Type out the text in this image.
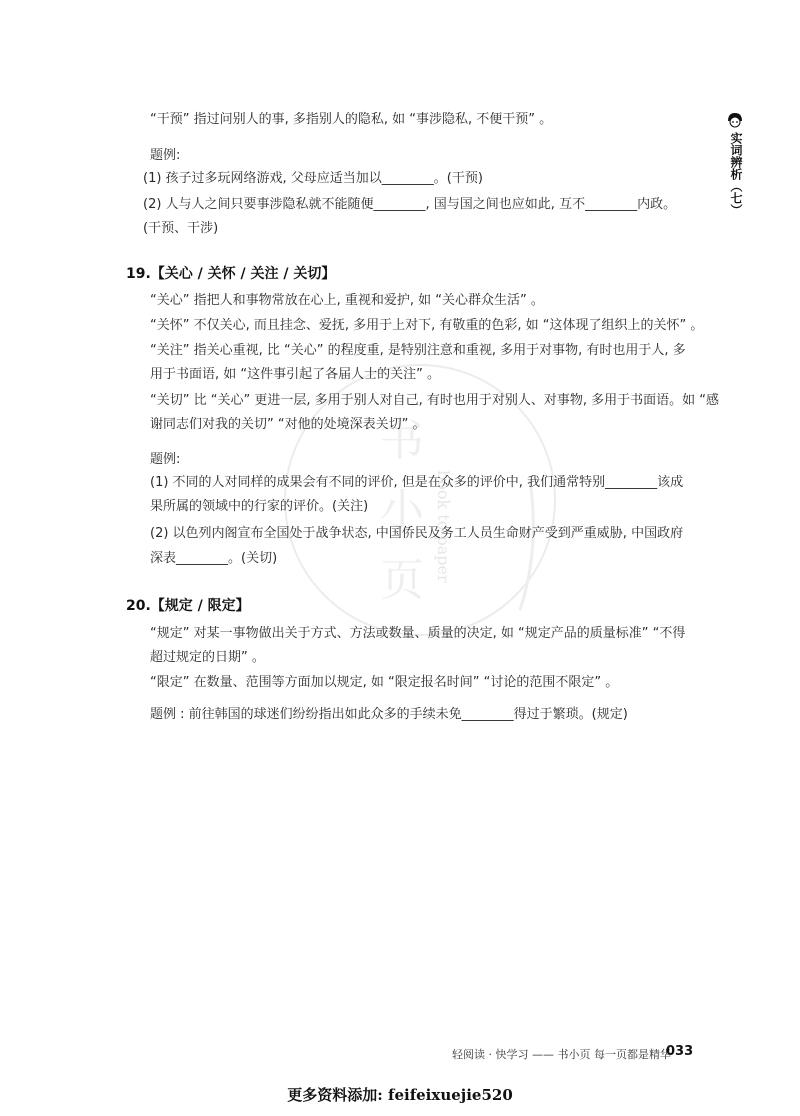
书
小
页 book to paper
实词辨析（七）
“干预” 指过问别人的事, 多指别人的隐私, 如 “事涉隐私, 不便干预” 。
题例:
(1) 孩子过多玩网络游戏, 父母应适当加以________。(干预)
(2) 人与人之间只要事涉隐私就不能随便________, 国与国之间也应如此, 互不________内政。
(干预、干涉)
19.【关心 / 关怀 / 关注 / 关切】
“关心” 指把人和事物常放在心上, 重视和爱护, 如 “关心群众生活” 。
“关怀” 不仅关心, 而且挂念、爱抚, 多用于上对下, 有敬重的色彩, 如 “这体现了组织上的关怀” 。
“关注” 指关心重视, 比 “关心” 的程度重, 是特别注意和重视, 多用于对事物, 有时也用于人, 多
用于书面语, 如 “这件事引起了各届人士的关注” 。
“关切” 比 “关心” 更进一层, 多用于别人对自己, 有时也用于对别人、对事物, 多用于书面语。如 “感
谢同志们对我的关切” “对他的处境深表关切” 。
题例:
(1) 不同的人对同样的成果会有不同的评价, 但是在众多的评价中, 我们通常特别________该成
果所属的领域中的行家的评价。(关注)
(2) 以色列内阁宣布全国处于战争状态, 中国侨民及务工人员生命财产受到严重威胁, 中国政府
深表________。(关切)
20.【规定 / 限定】
“规定” 对某一事物做出关于方式、方法或数量、质量的决定, 如 “规定产品的质量标准” “不得
超过规定的日期” 。
“限定” 在数量、范围等方面加以规定, 如 “限定报名时间” “讨论的范围不限定” 。
题例 : 前往韩国的球迷们纷纷指出如此众多的手续未免________得过于繁琐。(规定)
轻阅读 · 快学习 —— 书小页 每一页都是精华
033
更多资料添加: feifeixuejie520
